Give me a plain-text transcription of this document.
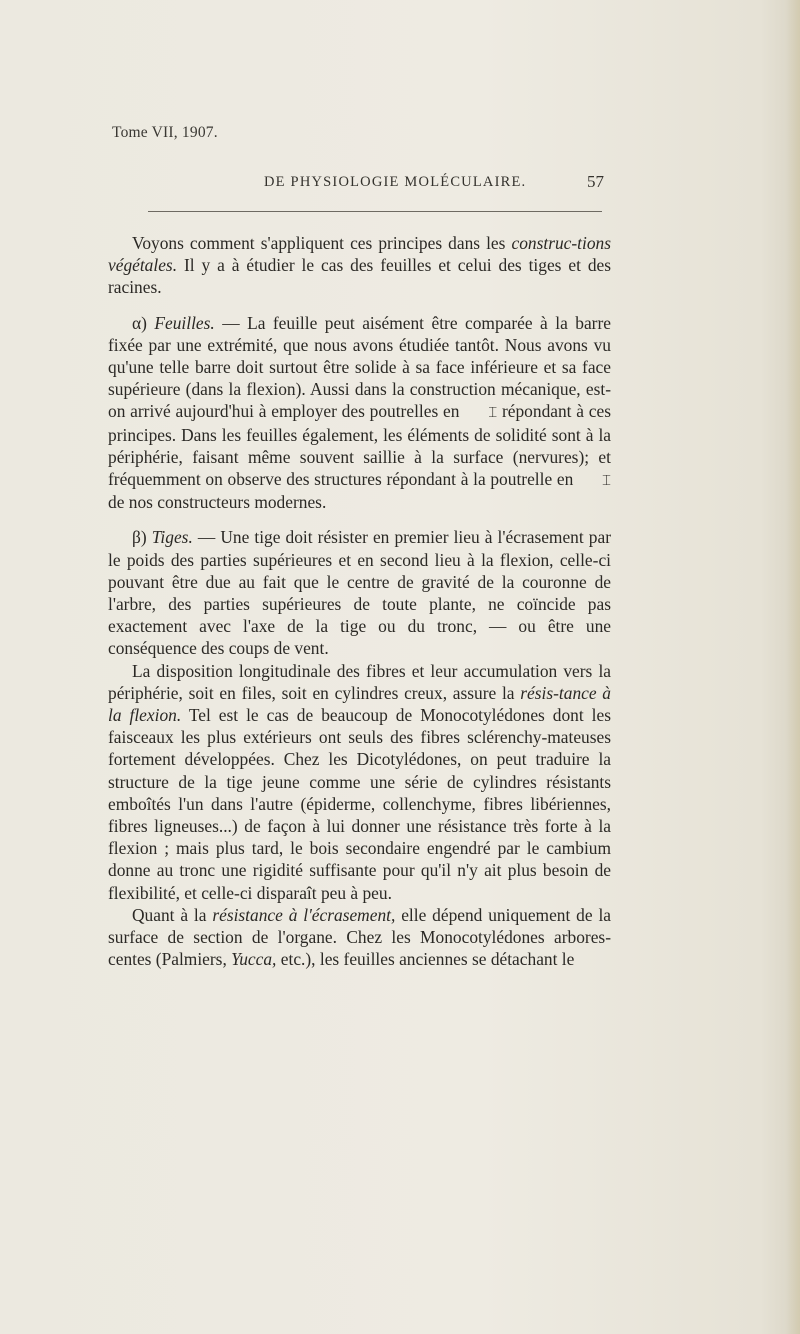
Tome VII, 1907.
DE PHYSIOLOGIE MOLÉCULAIRE.	57

Voyons comment s'appliquent ces principes dans les construc-tions végétales. Il y a à étudier le cas des feuilles et celui des tiges et des racines.

α) Feuilles. — La feuille peut aisément être comparée à la barre fixée par une extrémité, que nous avons étudiée tantôt. Nous avons vu qu'une telle barre doit surtout être solide à sa face inférieure et sa face supérieure (dans la flexion). Aussi dans la construction mécanique, est-on arrivé aujourd'hui à employer des poutrelles en ⌶ répondant à ces principes. Dans les feuilles également, les éléments de solidité sont à la périphérie, faisant même souvent saillie à la surface (nervures); et fréquemment on observe des structures répondant à la poutrelle en ⌶ de nos constructeurs modernes.

β) Tiges. — Une tige doit résister en premier lieu à l'écrasement par le poids des parties supérieures et en second lieu à la flexion, celle-ci pouvant être due au fait que le centre de gravité de la couronne de l'arbre, des parties supérieures de toute plante, ne coïncide pas exactement avec l'axe de la tige ou du tronc, — ou être une conséquence des coups de vent.

La disposition longitudinale des fibres et leur accumulation vers la périphérie, soit en files, soit en cylindres creux, assure la résis-tance à la flexion. Tel est le cas de beaucoup de Monocotylédones dont les faisceaux les plus extérieurs ont seuls des fibres sclérenchy-mateuses fortement développées. Chez les Dicotylédones, on peut traduire la structure de la tige jeune comme une série de cylindres résistants emboîtés l'un dans l'autre (épiderme, collenchyme, fibres libériennes, fibres ligneuses...) de façon à lui donner une résistance très forte à la flexion ; mais plus tard, le bois secondaire engendré par le cambium donne au tronc une rigidité suffisante pour qu'il n'y ait plus besoin de flexibilité, et celle-ci disparaît peu à peu.

Quant à la résistance à l'écrasement, elle dépend uniquement de la surface de section de l'organe. Chez les Monocotylédones arbores-centes (Palmiers, Yucca, etc.), les feuilles anciennes se détachant le
